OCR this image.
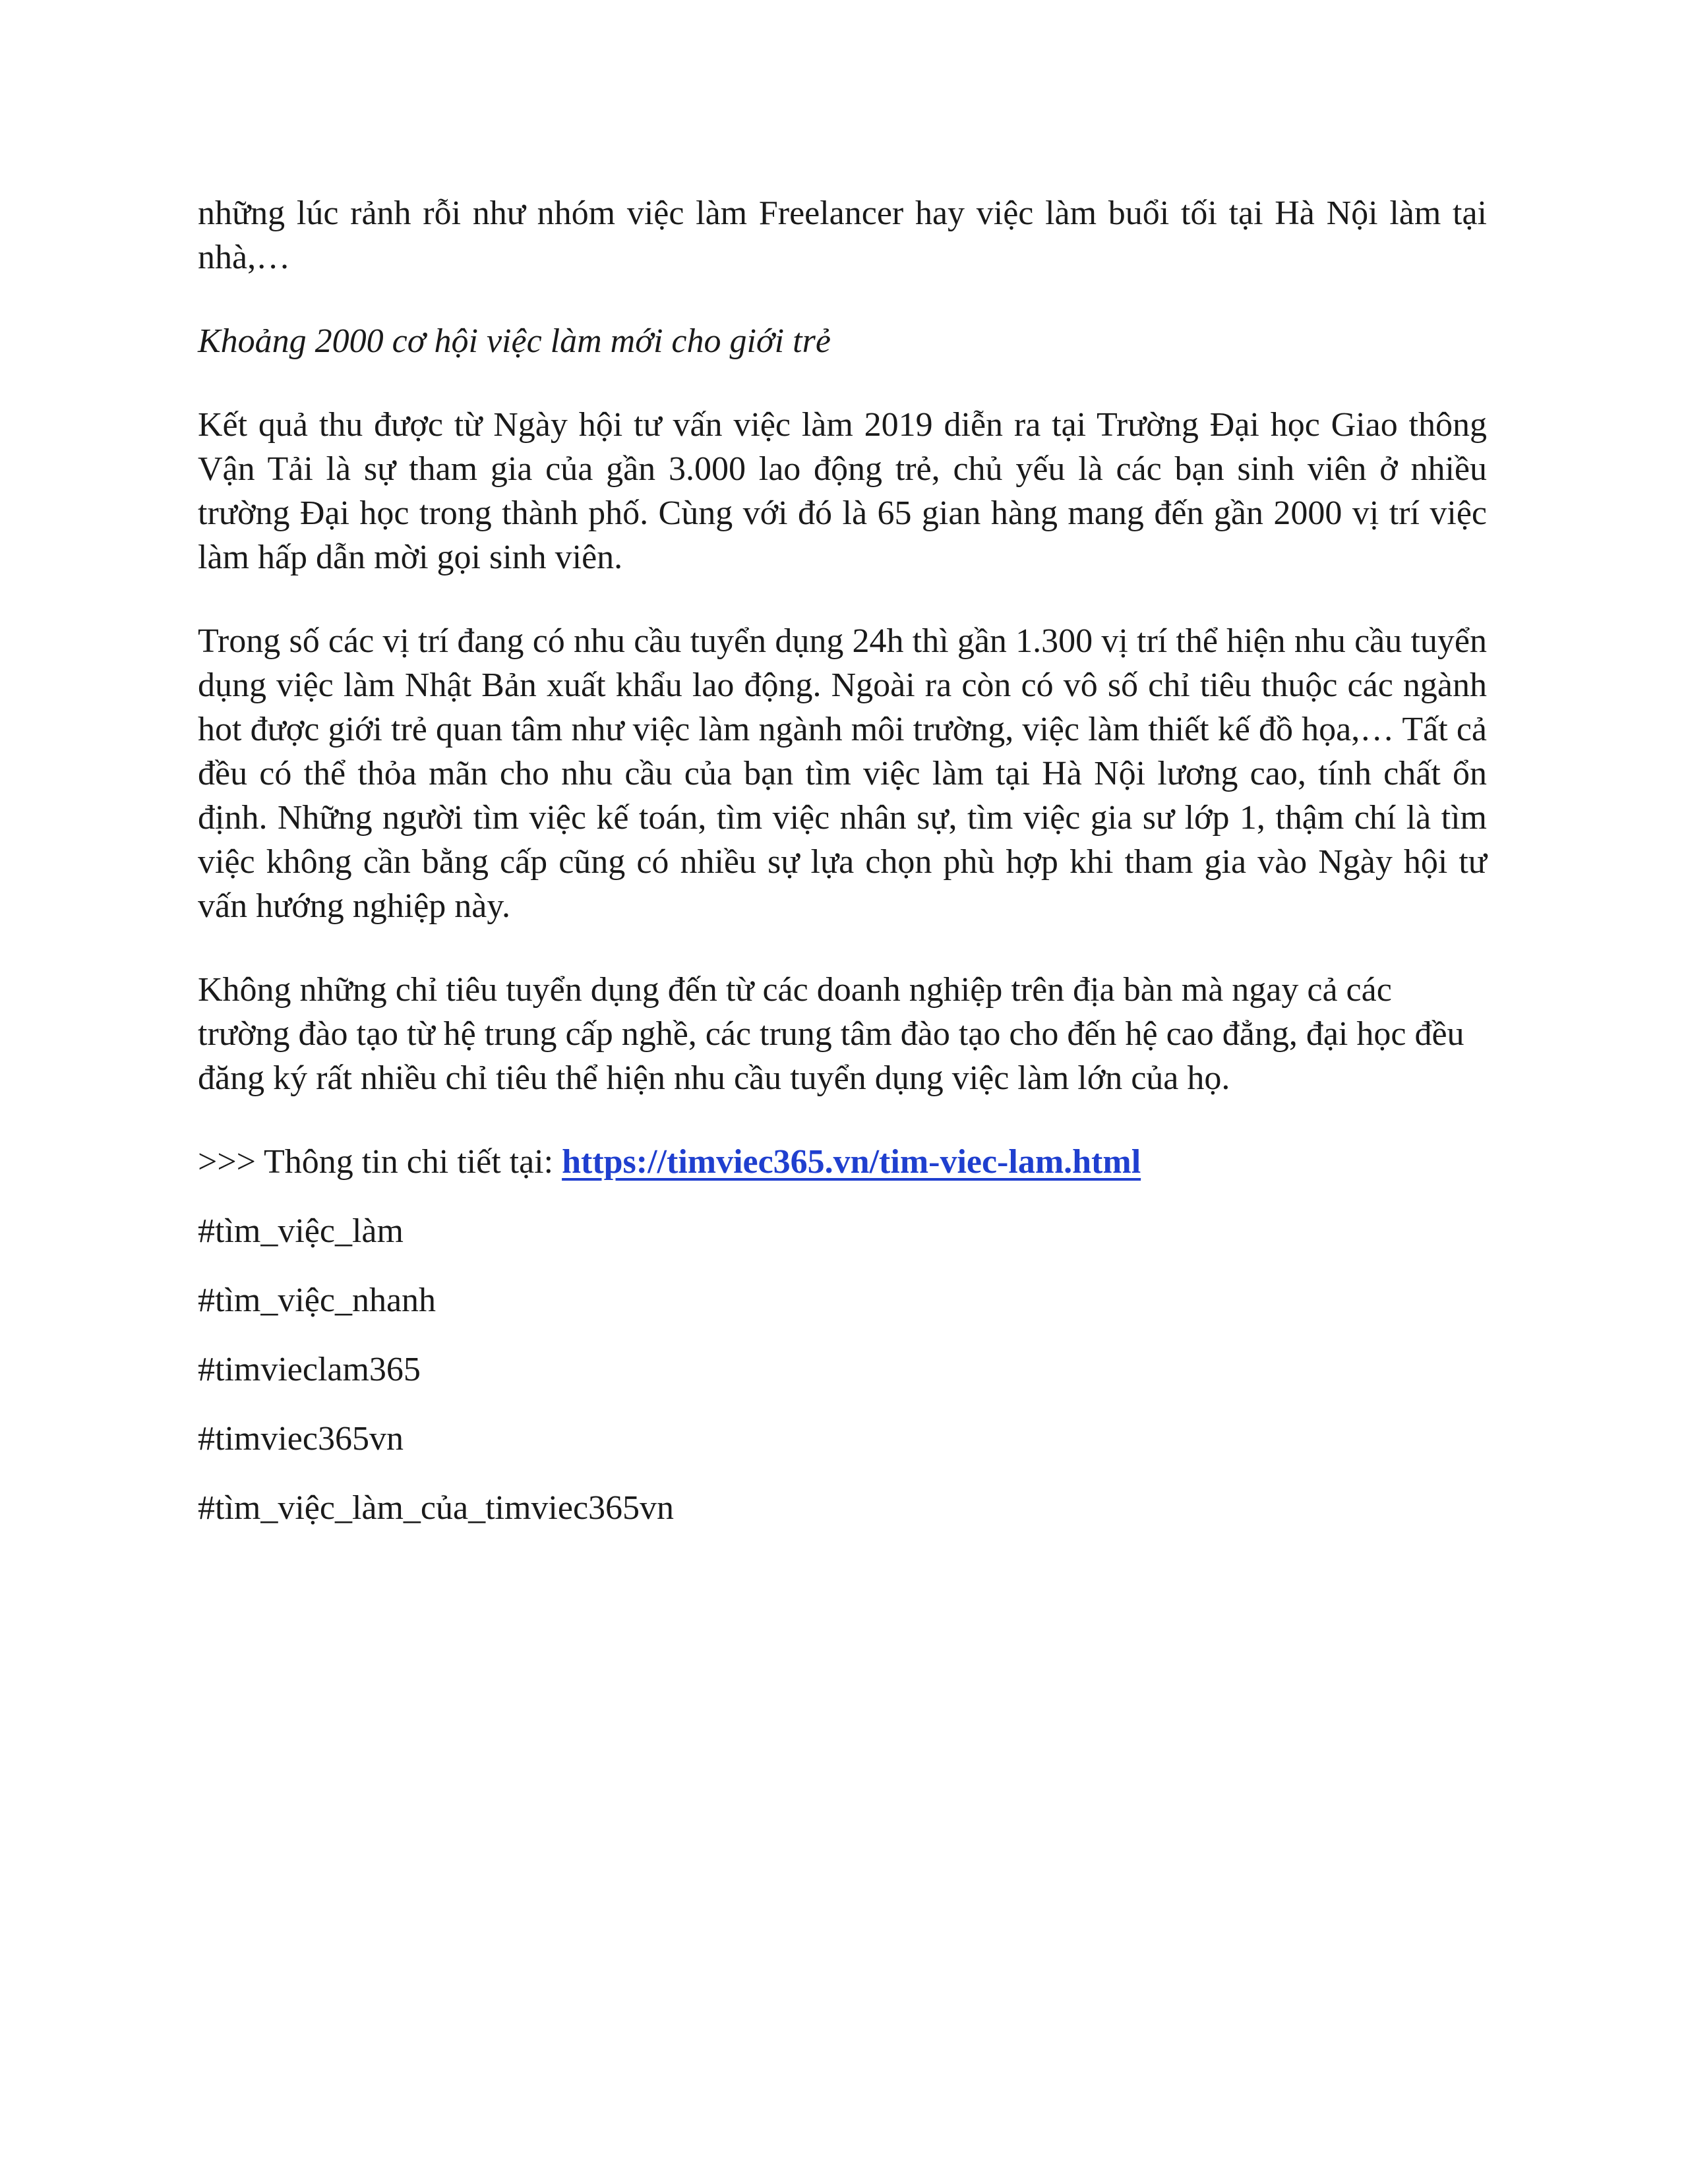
những lúc rảnh rỗi như nhóm việc làm Freelancer hay việc làm buổi tối tại Hà Nội làm tại nhà,…

Khoảng 2000 cơ hội việc làm mới cho giới trẻ

Kết quả thu được từ Ngày hội tư vấn việc làm 2019 diễn ra tại Trường Đại học Giao thông Vận Tải là sự tham gia của gần 3.000 lao động trẻ, chủ yếu là các bạn sinh viên ở nhiều trường Đại học trong thành phố. Cùng với đó là 65 gian hàng mang đến gần 2000 vị trí việc làm hấp dẫn mời gọi sinh viên.

Trong số các vị trí đang có nhu cầu tuyển dụng 24h thì gần 1.300 vị trí thể hiện nhu cầu tuyển dụng việc làm Nhật Bản xuất khẩu lao động. Ngoài ra còn có vô số chỉ tiêu thuộc các ngành hot được giới trẻ quan tâm như việc làm ngành môi trường, việc làm thiết kế đồ họa,… Tất cả đều có thể thỏa mãn cho nhu cầu của bạn tìm việc làm tại Hà Nội lương cao, tính chất ổn định. Những người tìm việc kế toán, tìm việc nhân sự, tìm việc gia sư lớp 1, thậm chí là tìm việc không cần bằng cấp cũng có nhiều sự lựa chọn phù hợp khi tham gia vào Ngày hội tư vấn hướng nghiệp này.

Không những chỉ tiêu tuyển dụng đến từ các doanh nghiệp trên địa bàn mà ngay cả các trường đào tạo từ hệ trung cấp nghề, các trung tâm đào tạo cho đến hệ cao đẳng, đại học đều đăng ký rất nhiều chỉ tiêu thể hiện nhu cầu tuyển dụng việc làm lớn của họ.

>>> Thông tin chi tiết tại: https://timviec365.vn/tim-viec-lam.html

#tìm_việc_làm

#tìm_việc_nhanh

#timvieclam365

#timviec365vn

#tìm_việc_làm_của_timviec365vn
